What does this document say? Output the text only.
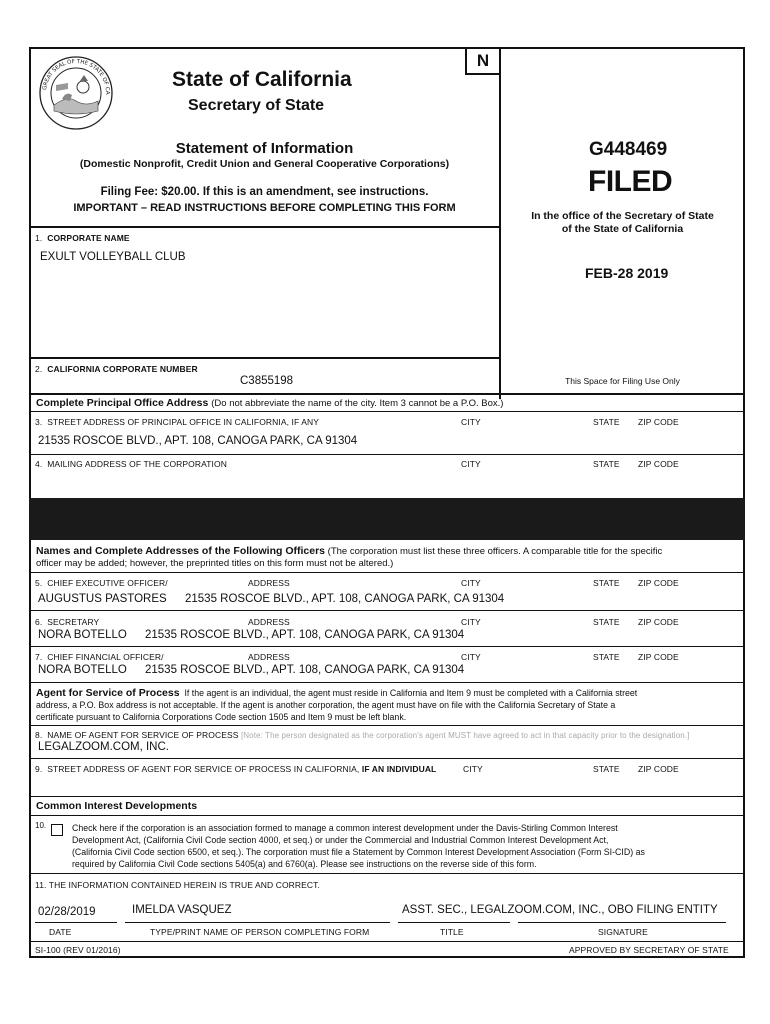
N
GREAT SEAL OF THE STATE OF CA
State of California
Secretary of State
Statement of Information
(Domestic Nonprofit, Credit Union and General Cooperative Corporations)
Filing Fee: $20.00. If this is an amendment, see instructions.
IMPORTANT – READ INSTRUCTIONS BEFORE COMPLETING THIS FORM
1. CORPORATE NAME
EXULT VOLLEYBALL CLUB
2. CALIFORNIA CORPORATE NUMBER
C3855198
G448469
FILED
In the office of the Secretary of State
of the State of California
FEB-28 2019
This Space for Filing Use Only
Complete Principal Office Address (Do not abbreviate the name of the city. Item 3 cannot be a P.O. Box.)
3. STREET ADDRESS OF PRINCIPAL OFFICE IN CALIFORNIA, IF ANY	CITY	STATE ZIP CODE
21535 ROSCOE BLVD., APT. 108, CANOGA PARK, CA 91304
4. MAILING ADDRESS OF THE CORPORATION	CITY	STATE ZIP CODE
Names and Complete Addresses of the Following Officers (The corporation must list these three officers. A comparable title for the specific
officer may be added; however, the preprinted titles on this form must not be altered.)
5. CHIEF EXECUTIVE OFFICER/	ADDRESS	CITY	STATE ZIP CODE
AUGUSTUS PASTORES 21535 ROSCOE BLVD., APT. 108, CANOGA PARK, CA 91304
6. SECRETARY	ADDRESS	CITY	STATE ZIP CODE
NORA BOTELLO 21535 ROSCOE BLVD., APT. 108, CANOGA PARK, CA 91304
7. CHIEF FINANCIAL OFFICER/	ADDRESS	CITY	STATE ZIP CODE
NORA BOTELLO 21535 ROSCOE BLVD., APT. 108, CANOGA PARK, CA 91304
Agent for Service of Process If the agent is an individual, the agent must reside in California and Item 9 must be completed with a California street
address, a P.O. Box address is not acceptable. If the agent is another corporation, the agent must have on file with the California Secretary of State a
certificate pursuant to California Corporations Code section 1505 and Item 9 must be left blank.
8. NAME OF AGENT FOR SERVICE OF PROCESS [Note: The person designated as the corporation's agent MUST have agreed to act in that capacity prior to the designation.]
LEGALZOOM.COM, INC.
9. STREET ADDRESS OF AGENT FOR SERVICE OF PROCESS IN CALIFORNIA, IF AN INDIVIDUAL	CITY	STATE ZIP CODE
Common Interest Developments
10.	Check here if the corporation is an association formed to manage a common interest development under the Davis-Stirling Common Interest
Development Act, (California Civil Code section 4000, et seq.) or under the Commercial and Industrial Common Interest Development Act,
(California Civil Code section 6500, et seq.). The corporation must file a Statement by Common Interest Development Association (Form SI-CID) as
required by California Civil Code sections 5405(a) and 6760(a). Please see instructions on the reverse side of this form.
11. THE INFORMATION CONTAINED HEREIN IS TRUE AND CORRECT.
02/28/2019	IMELDA VASQUEZ	ASST. SEC., LEGALZOOM.COM, INC., OBO FILING ENTITY
DATE	TYPE/PRINT NAME OF PERSON COMPLETING FORM	TITLE	SIGNATURE
SI-100 (REV 01/2016)	APPROVED BY SECRETARY OF STATE
